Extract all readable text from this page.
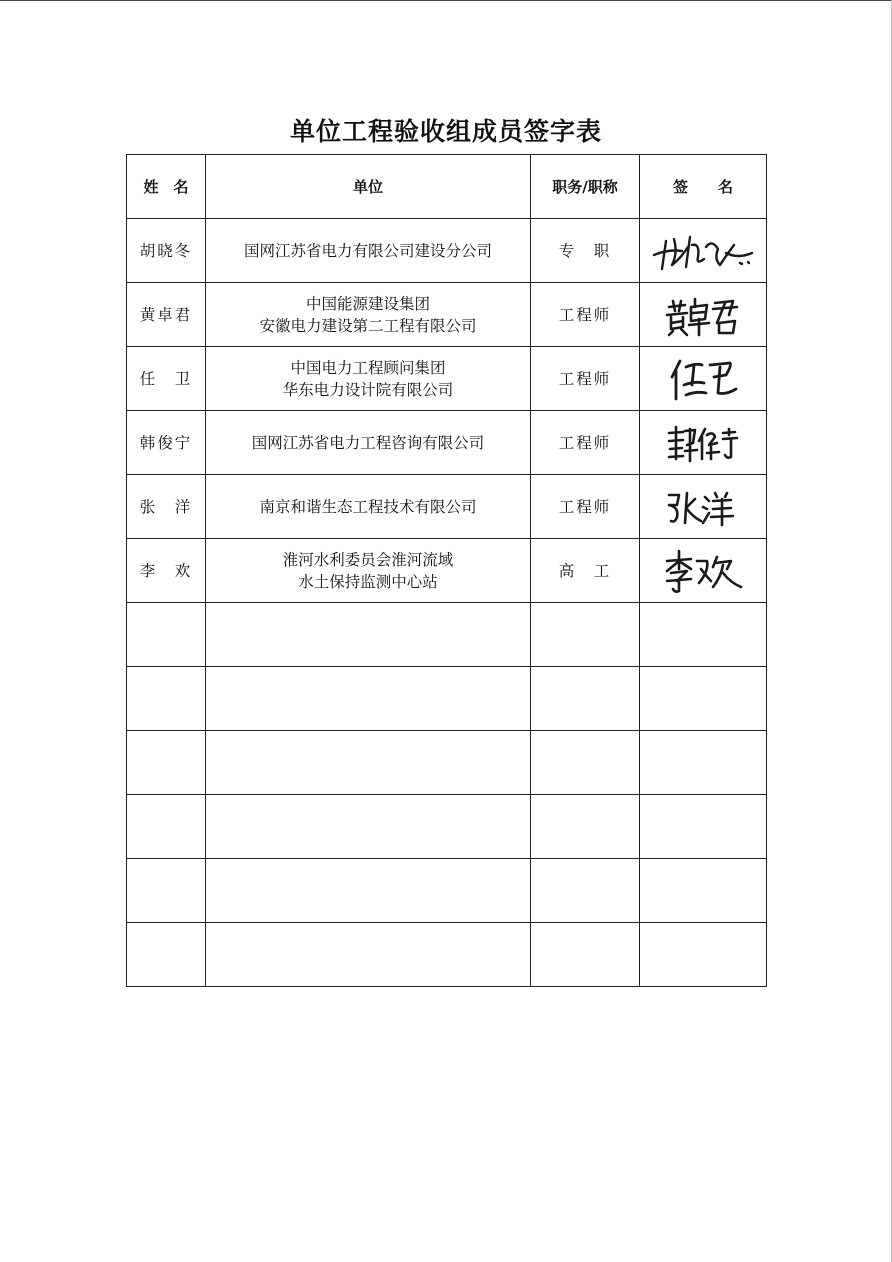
单位工程验收组成员签字表
姓　名	单位	职务/职称	签　　名
胡晓冬	国网江苏省电力有限公司建设分公司	专　职	

黄卓君	中国能源建设集团
安徽电力建设第二工程有限公司	工程师	

任　卫	中国电力工程顾问集团
华东电力设计院有限公司	工程师	

韩俊宁	国网江苏省电力工程咨询有限公司	工程师	

张　洋	南京和谐生态工程技术有限公司	工程师	

李　欢	淮河水利委员会淮河流域
水土保持监测中心站	高　工	
